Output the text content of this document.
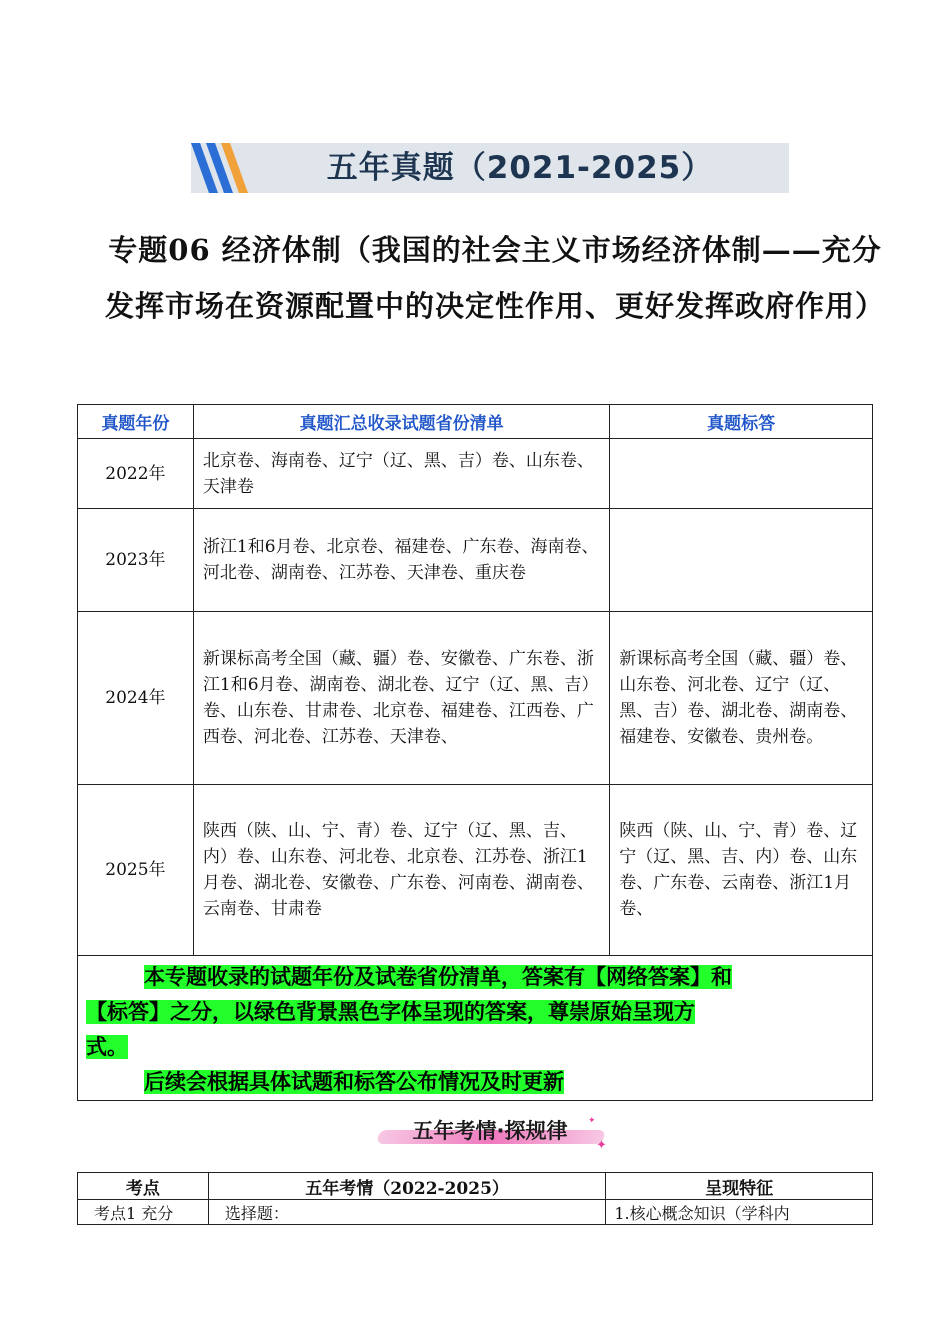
五年真题（2021-2025）
专题06 经济体制（我国的社会主义市场经济体制——充分发挥市场在资源配置中的决定性作用、更好发挥政府作用）
真题年份	真题汇总收录试题省份清单	真题标答
2022年	北京卷、海南卷、辽宁（辽、黑、吉）卷、山东卷、天津卷	
2023年	浙江1和6月卷、北京卷、福建卷、广东卷、海南卷、河北卷、湖南卷、江苏卷、天津卷、重庆卷	
2024年	新课标高考全国（藏、疆）卷、安徽卷、广东卷、浙江1和6月卷、湖南卷、湖北卷、辽宁（辽、黑、吉）卷、山东卷、甘肃卷、北京卷、福建卷、江西卷、广西卷、河北卷、江苏卷、天津卷、	新课标高考全国（藏、疆）卷、山东卷、河北卷、辽宁（辽、黑、吉）卷、湖北卷、湖南卷、福建卷、安徽卷、贵州卷。
2025年	陕西（陕、山、宁、青）卷、辽宁（辽、黑、吉、内）卷、山东卷、河北卷、北京卷、江苏卷、浙江1月卷、湖北卷、安徽卷、广东卷、河南卷、湖南卷、云南卷、甘肃卷	陕西（陕、山、宁、青）卷、辽宁（辽、黑、吉、内）卷、山东卷、广东卷、云南卷、浙江1月卷、

本专题收录的试题年份及试卷省份清单，答案有【网络答案】和
【标答】之分，以绿色背景黑色字体呈现的答案，尊崇原始呈现方
式。
后续会根据具体试题和标答公布情况及时更新		
五年考情·探规律
✦
✦
考点	五年考情（2022-2025）	呈现特征
考点1 充分	选择题：	1.核心概念知识（学科内
